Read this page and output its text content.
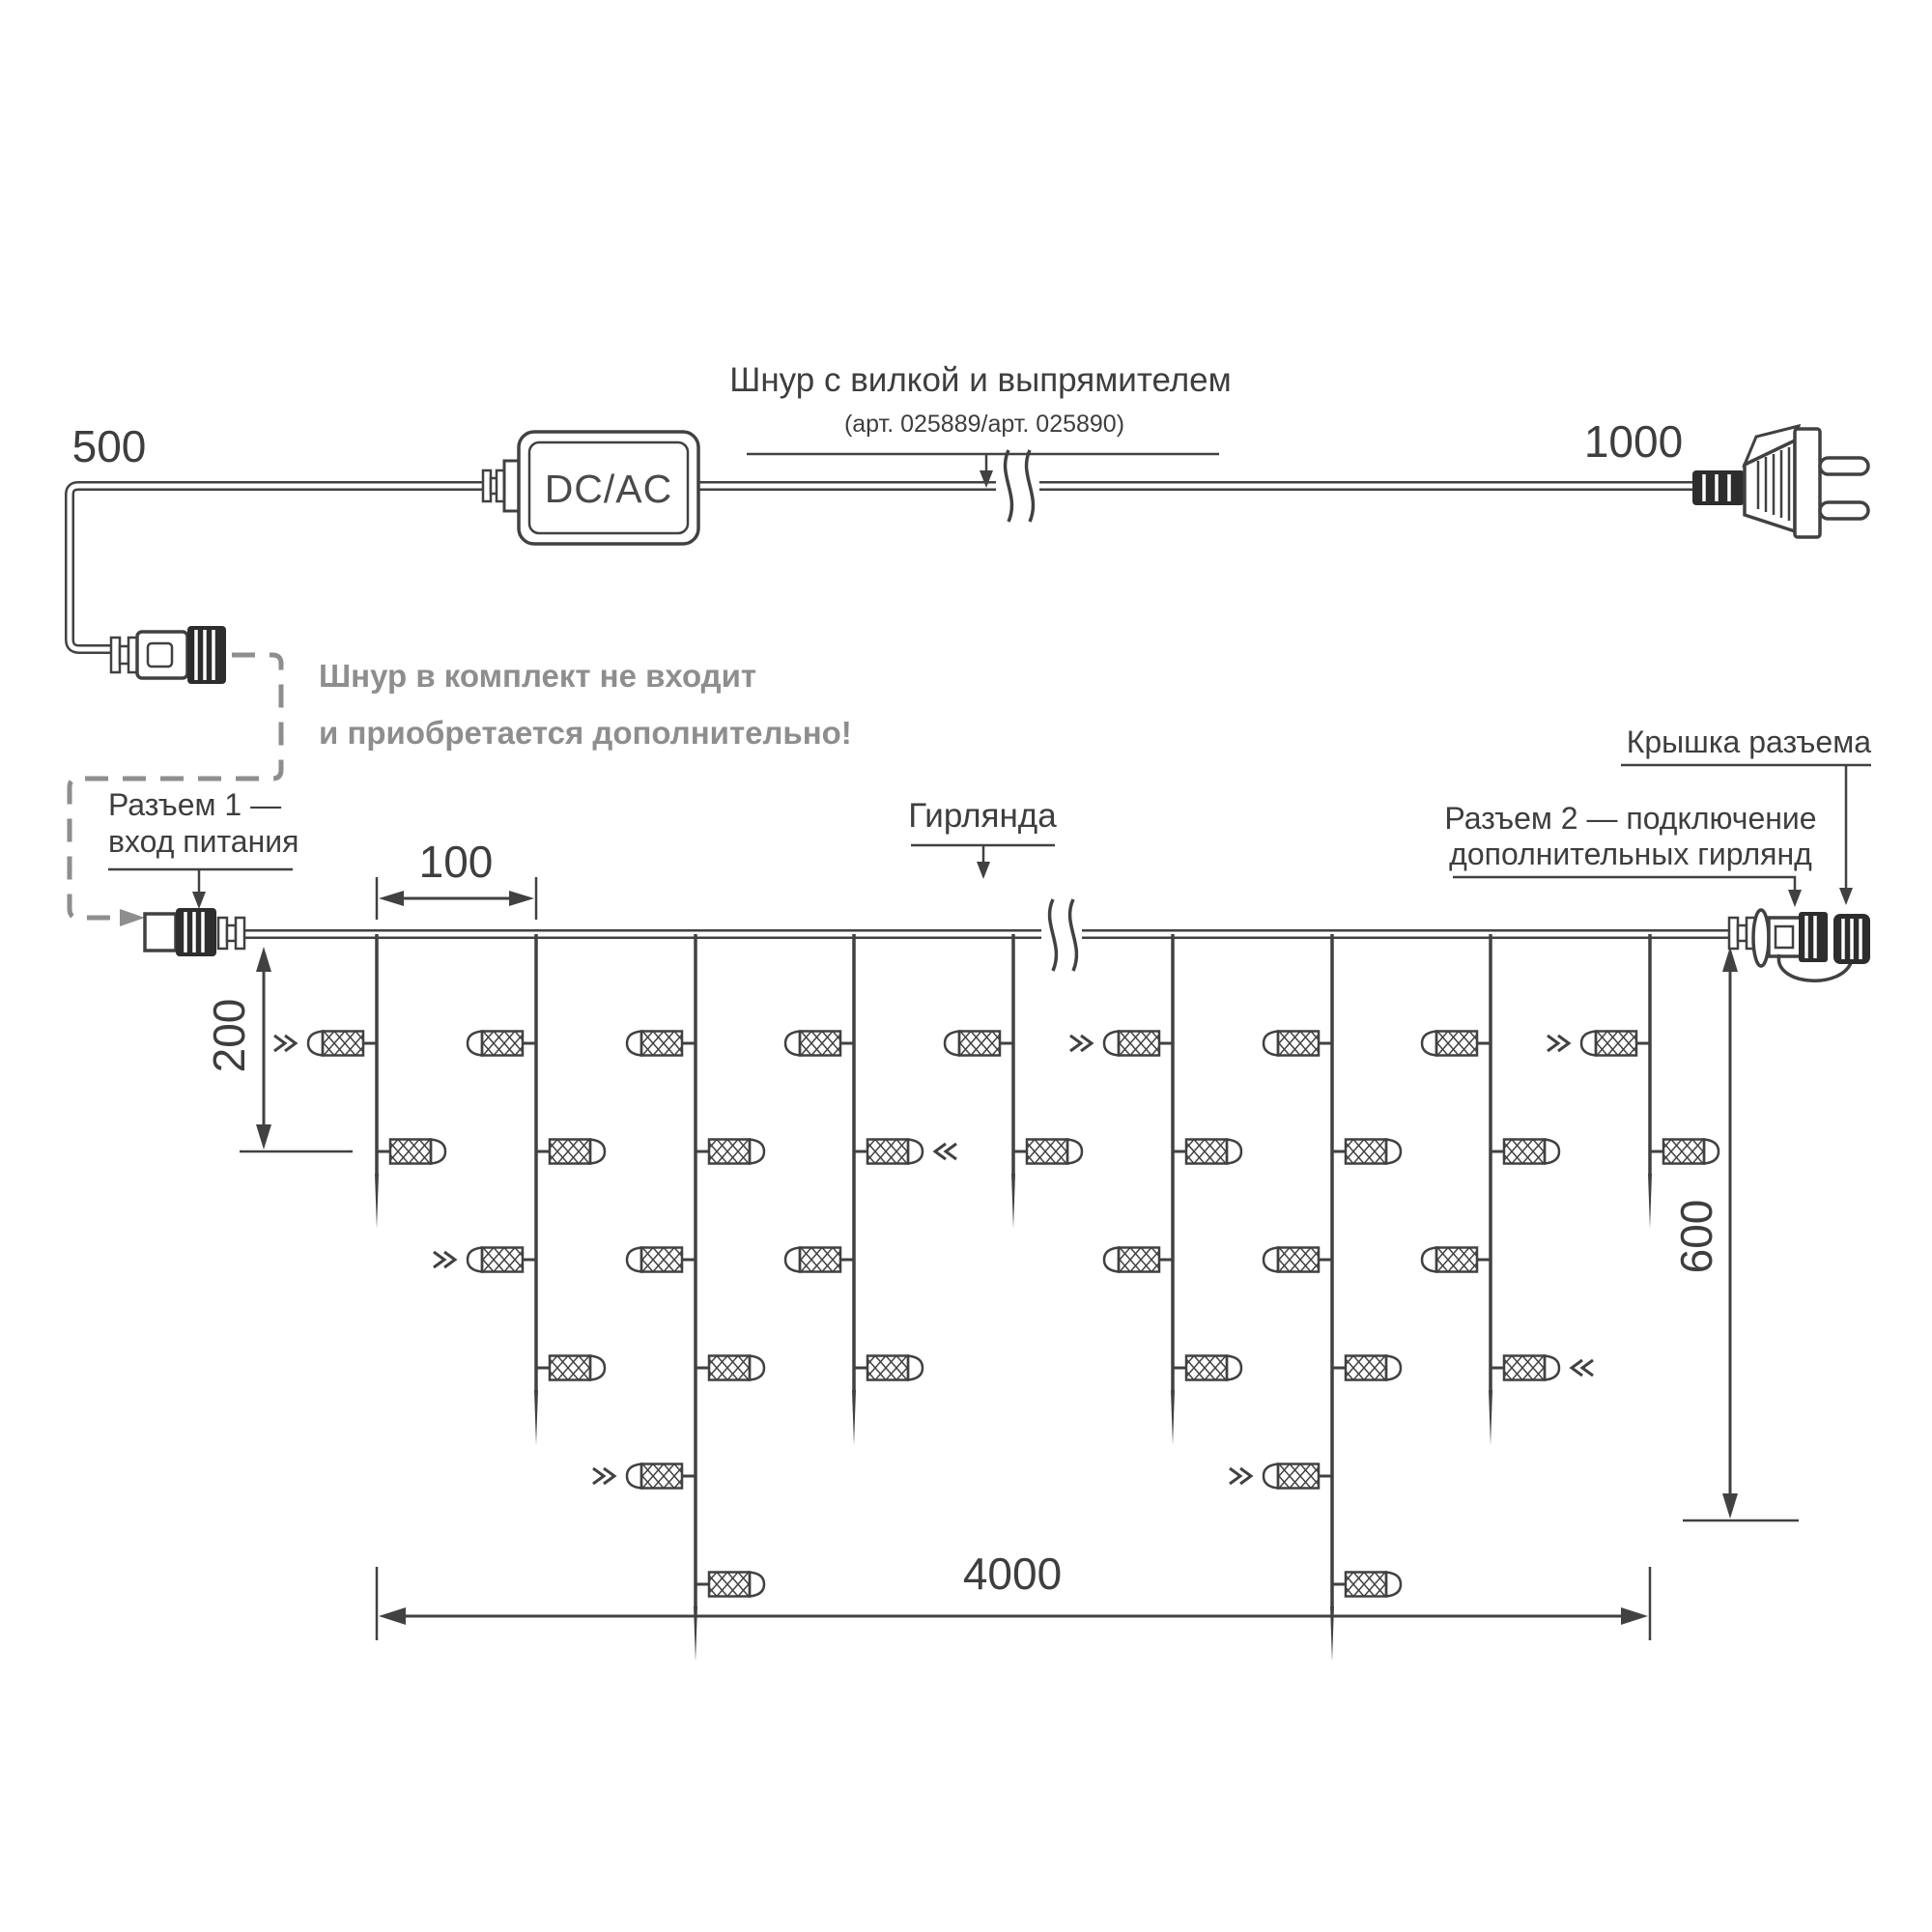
DC/AC
500	1000
Шнур с вилкой и выпрямителем
(арт. 025889/арт. 025890)
Шнур в комплект не входит
и приобретается дополнительно!
Гирлянда
Разъем 1 —
вход питания
Разъем 2 — подключение
дополнительных гирлянд
Крышка разъема
100
200
600
4000
